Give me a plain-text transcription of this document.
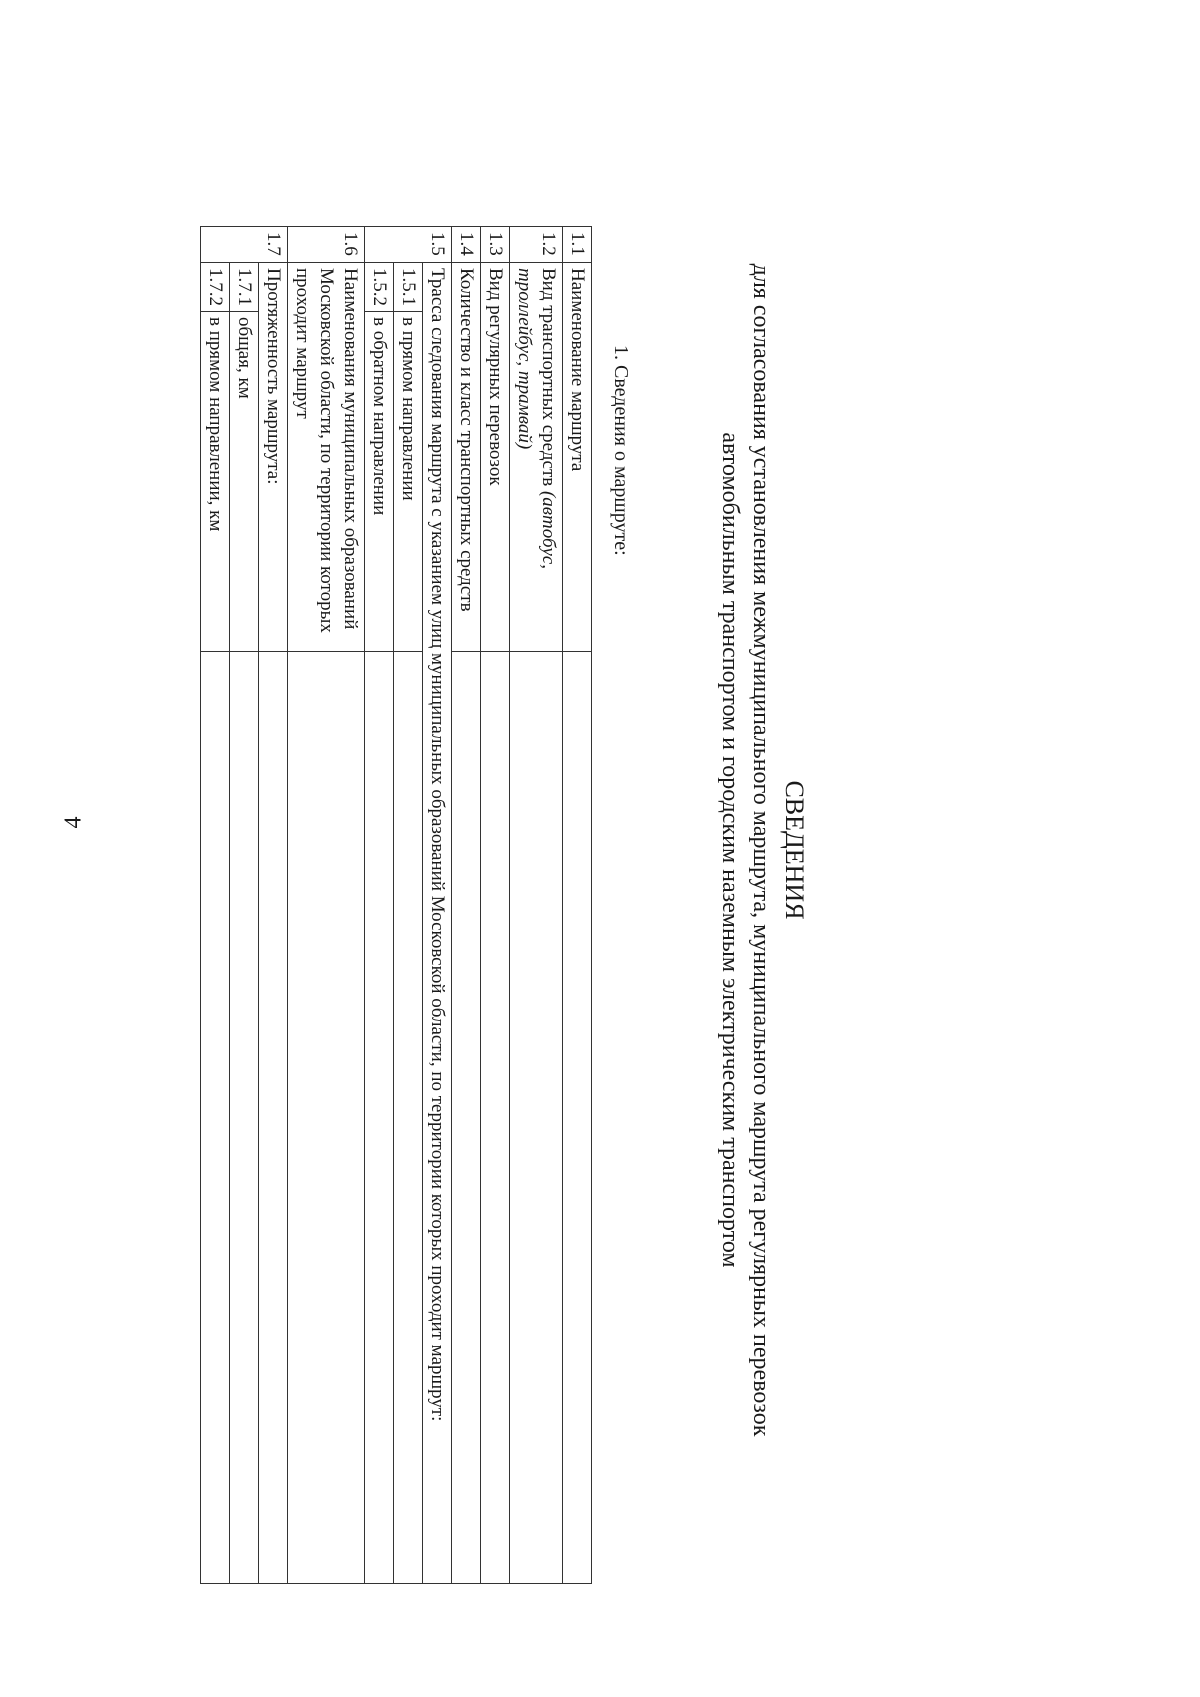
4	СВЕДЕНИЯ
для согласования установления межмуниципального маршрута, муниципального маршрута регулярных перевозок
автомобильным транспортом и городским наземным электрическим транспортом
1. Сведения о маршруте:
1.1	Наименование маршрута		
1.2	Вид транспортных средств (автобус, троллейбус, трамвай)		
1.3	Вид регулярных перевозок		
1.4	Количество и класс транспортных средств		
1.5	Трасса следования маршрута с указанием улиц муниципальных образований Московской области, по территории которых проходит маршрут:		
	1.5.1	в прямом направлении	
	1.5.2	в обратном направлении	
1.6	Наименования муниципальных образований Московской области, по территории которых проходит маршрут		
1.7	Протяженность маршрута:		
	1.7.1	общая, км	
	1.7.2	в прямом направлении, км	
